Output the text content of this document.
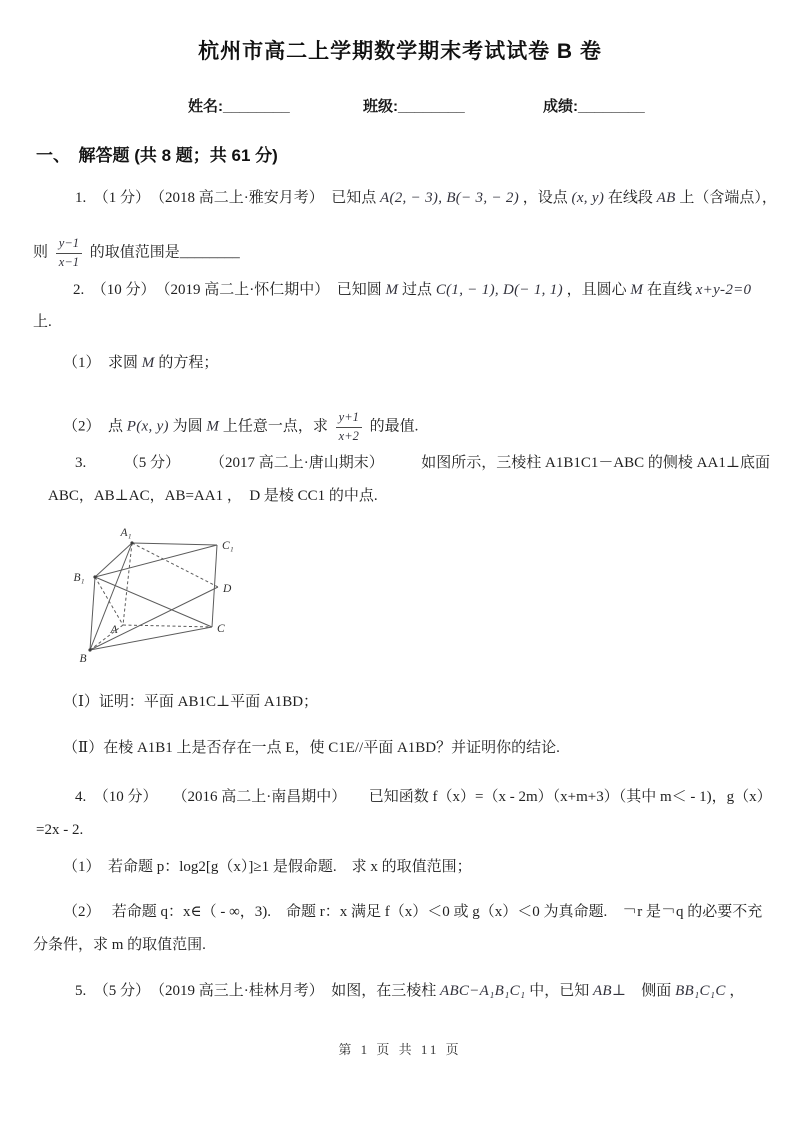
杭州市高二上学期数学期末考试试卷 B 卷
姓名:________	班级:________	成绩:________
一、　解答题 (共 8 题；共 61 分)
1.　（1 分）　（2018 高二上·雅安月考）　已知点 A(2, − 3), B(− 3, − 2) ，设点 (x, y) 在线段 AB 上（含端点），
则 $\frac{y-1}{x-1}$ 的取值范围是________
2.　（10 分）　（2019 高二上·怀仁期中）　已知圆 M 过点 C(1, − 1), D(− 1, 1) ，且圆心 M 在直线 x+y-2=0
上.
（1）　求圆 M 的方程；
（2）　点 P(x, y) 为圆 M 上任意一点，求 $\frac{y+1}{x+2}$ 的最值.
3.　　　（5 分）　　　（2017 高二上·唐山期末）　　　如图所示，三棱柱 A1B1C1－ABC 的侧棱 AA1⊥底面
ABC，AB⊥AC，AB=AA1 ，　D 是棱 CC1 的中点.
A₁
C₁
B₁
D
A	C
B
（Ⅰ）证明：平面 AB1C⊥平面 A1BD；
（Ⅱ）在棱 A1B1 上是否存在一点 E，使 C1E//平面 A1BD？并证明你的结论.
4.　（10 分）　　（2016 高二上·南昌期中）　　已知函数 f（x）=（x - 2m）（x+m+3）（其中 m＜ - 1)，g（x）
=2x - 2.
（1）　若命题 p：log2[g（x）]≥1 是假命题.　求 x 的取值范围；
（2）　 若命题 q：x∈（ - ∞，3).　命题 r：x 满足 f（x）＜0 或 g（x）＜0 为真命题.　￢r 是￢q 的必要不充
分条件，求 m 的取值范围.
5.　（5 分）　（2019 高三上·桂林月考）　如图，在三棱柱 ABC−A₁B₁C₁ 中，已知 AB⊥　侧面 BB₁C₁C ，
第 1 页 共 11 页
